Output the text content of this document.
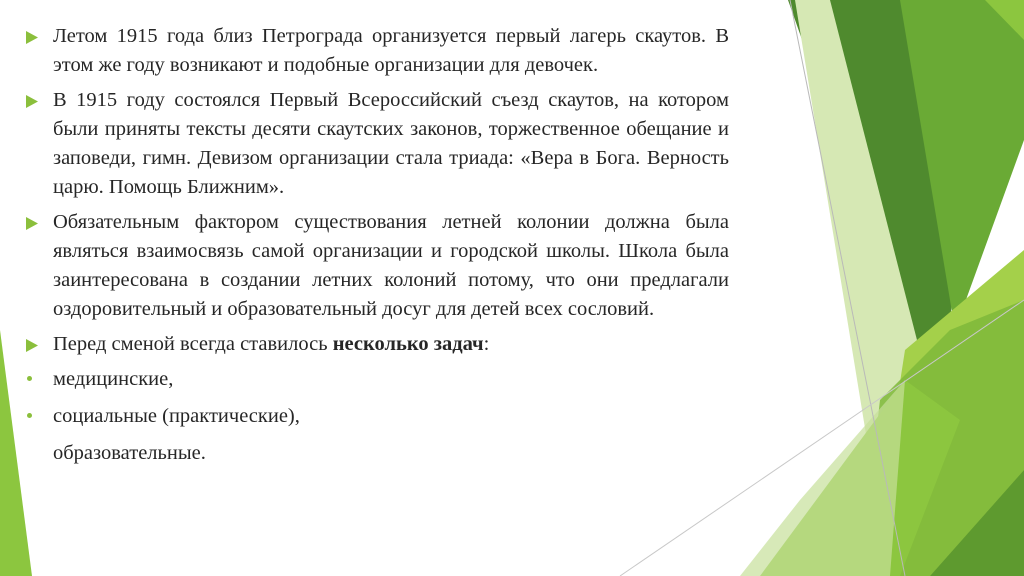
Летом 1915 года близ Петрограда организуется первый лагерь скаутов. В этом же году возникают и подобные организации для девочек.
В 1915 году состоялся Первый Всероссийский съезд скаутов, на котором были приняты тексты десяти скаутских законов, торжественное обещание и заповеди, гимн. Девизом организации стала триада: «Вера в Бога. Верность царю. Помощь Ближним».
Обязательным фактором существования летней колонии должна была являться взаимосвязь самой организации и городской школы. Школа была заинтересована в создании летних колоний потому, что они предлагали оздоровительный и образовательный досуг для детей всех сословий.
Перед сменой всегда ставилось несколько задач:
медицинские,
социальные (практические),
образовательные.
